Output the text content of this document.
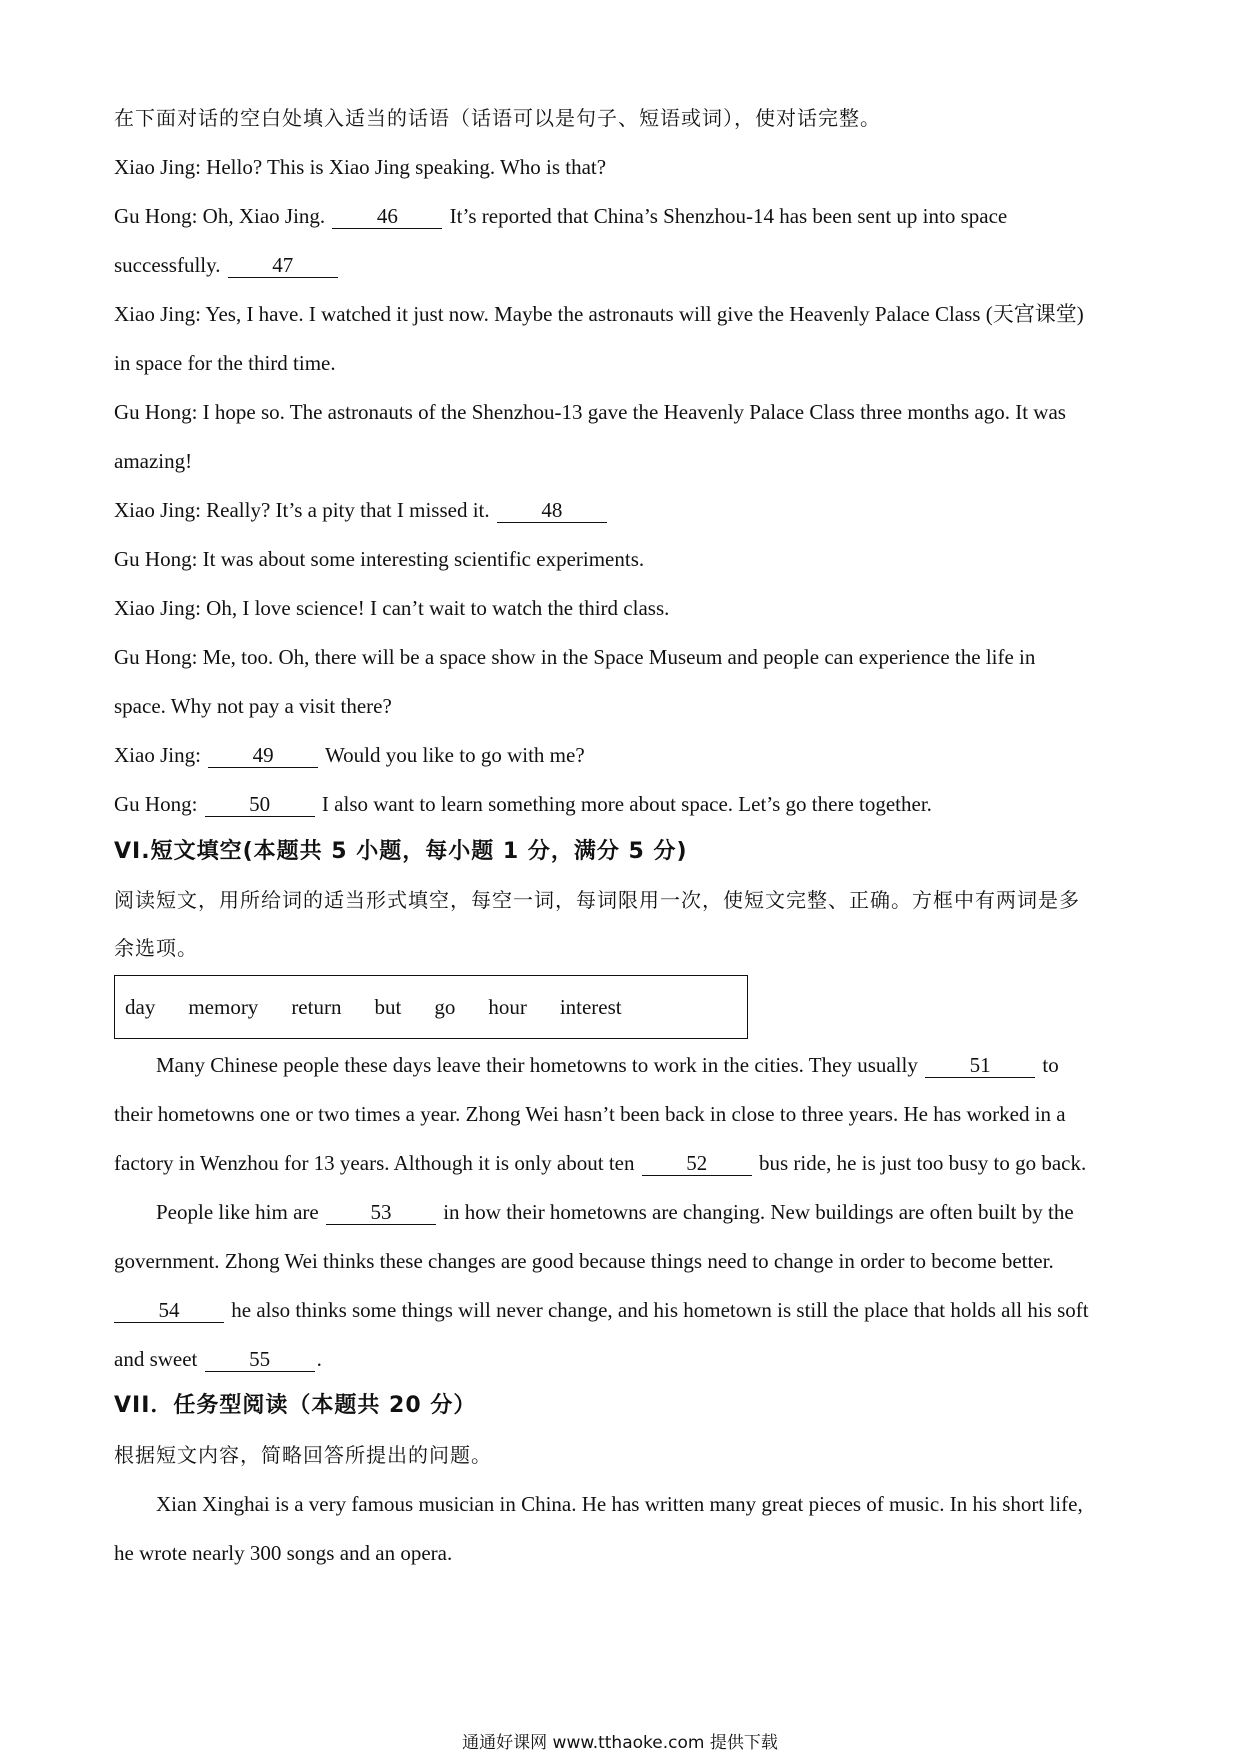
在下面对话的空白处填入适当的话语（话语可以是句子、短语或词），使对话完整。
Xiao Jing: Hello? This is Xiao Jing speaking. Who is that?
Gu Hong: Oh, Xiao Jing. 46 It’s reported that China’s Shenzhou-14 has been sent up into space
successfully. 47
Xiao Jing: Yes, I have. I watched it just now. Maybe the astronauts will give the Heavenly Palace Class (天宫课堂)
in space for the third time.
Gu Hong: I hope so. The astronauts of the Shenzhou-13 gave the Heavenly Palace Class three months ago. It was
amazing!
Xiao Jing: Really? It’s a pity that I missed it. 48
Gu Hong: It was about some interesting scientific experiments.
Xiao Jing: Oh, I love science! I can’t wait to watch the third class.
Gu Hong: Me, too. Oh, there will be a space show in the Space Museum and people can experience the life in
space. Why not pay a visit there?
Xiao Jing: 49 Would you like to go with me?
Gu Hong: 50 I also want to learn something more about space. Let’s go there together.
VI.短文填空(本题共 5 小题，每小题 1 分，满分 5 分)
阅读短文，用所给词的适当形式填空，每空一词，每词限用一次，使短文完整、正确。方框中有两词是多
余选项。
day memory return but go hour interest
Many Chinese people these days leave their hometowns to work in the cities. They usually 51 to
their hometowns one or two times a year. Zhong Wei hasn’t been back in close to three years. He has worked in a
factory in Wenzhou for 13 years. Although it is only about ten 52 bus ride, he is just too busy to go back.
People like him are 53 in how their hometowns are changing. New buildings are often built by the
government. Zhong Wei thinks these changes are good because things need to change in order to become better.
54 he also thinks some things will never change, and his hometown is still the place that holds all his soft
and sweet 55 .
VII．任务型阅读（本题共 20 分）
根据短文内容，简略回答所提出的问题。
Xian Xinghai is a very famous musician in China. He has written many great pieces of music. In his short life,
he wrote nearly 300 songs and an opera.
通通好课网 www.tthaoke.com 提供下载
